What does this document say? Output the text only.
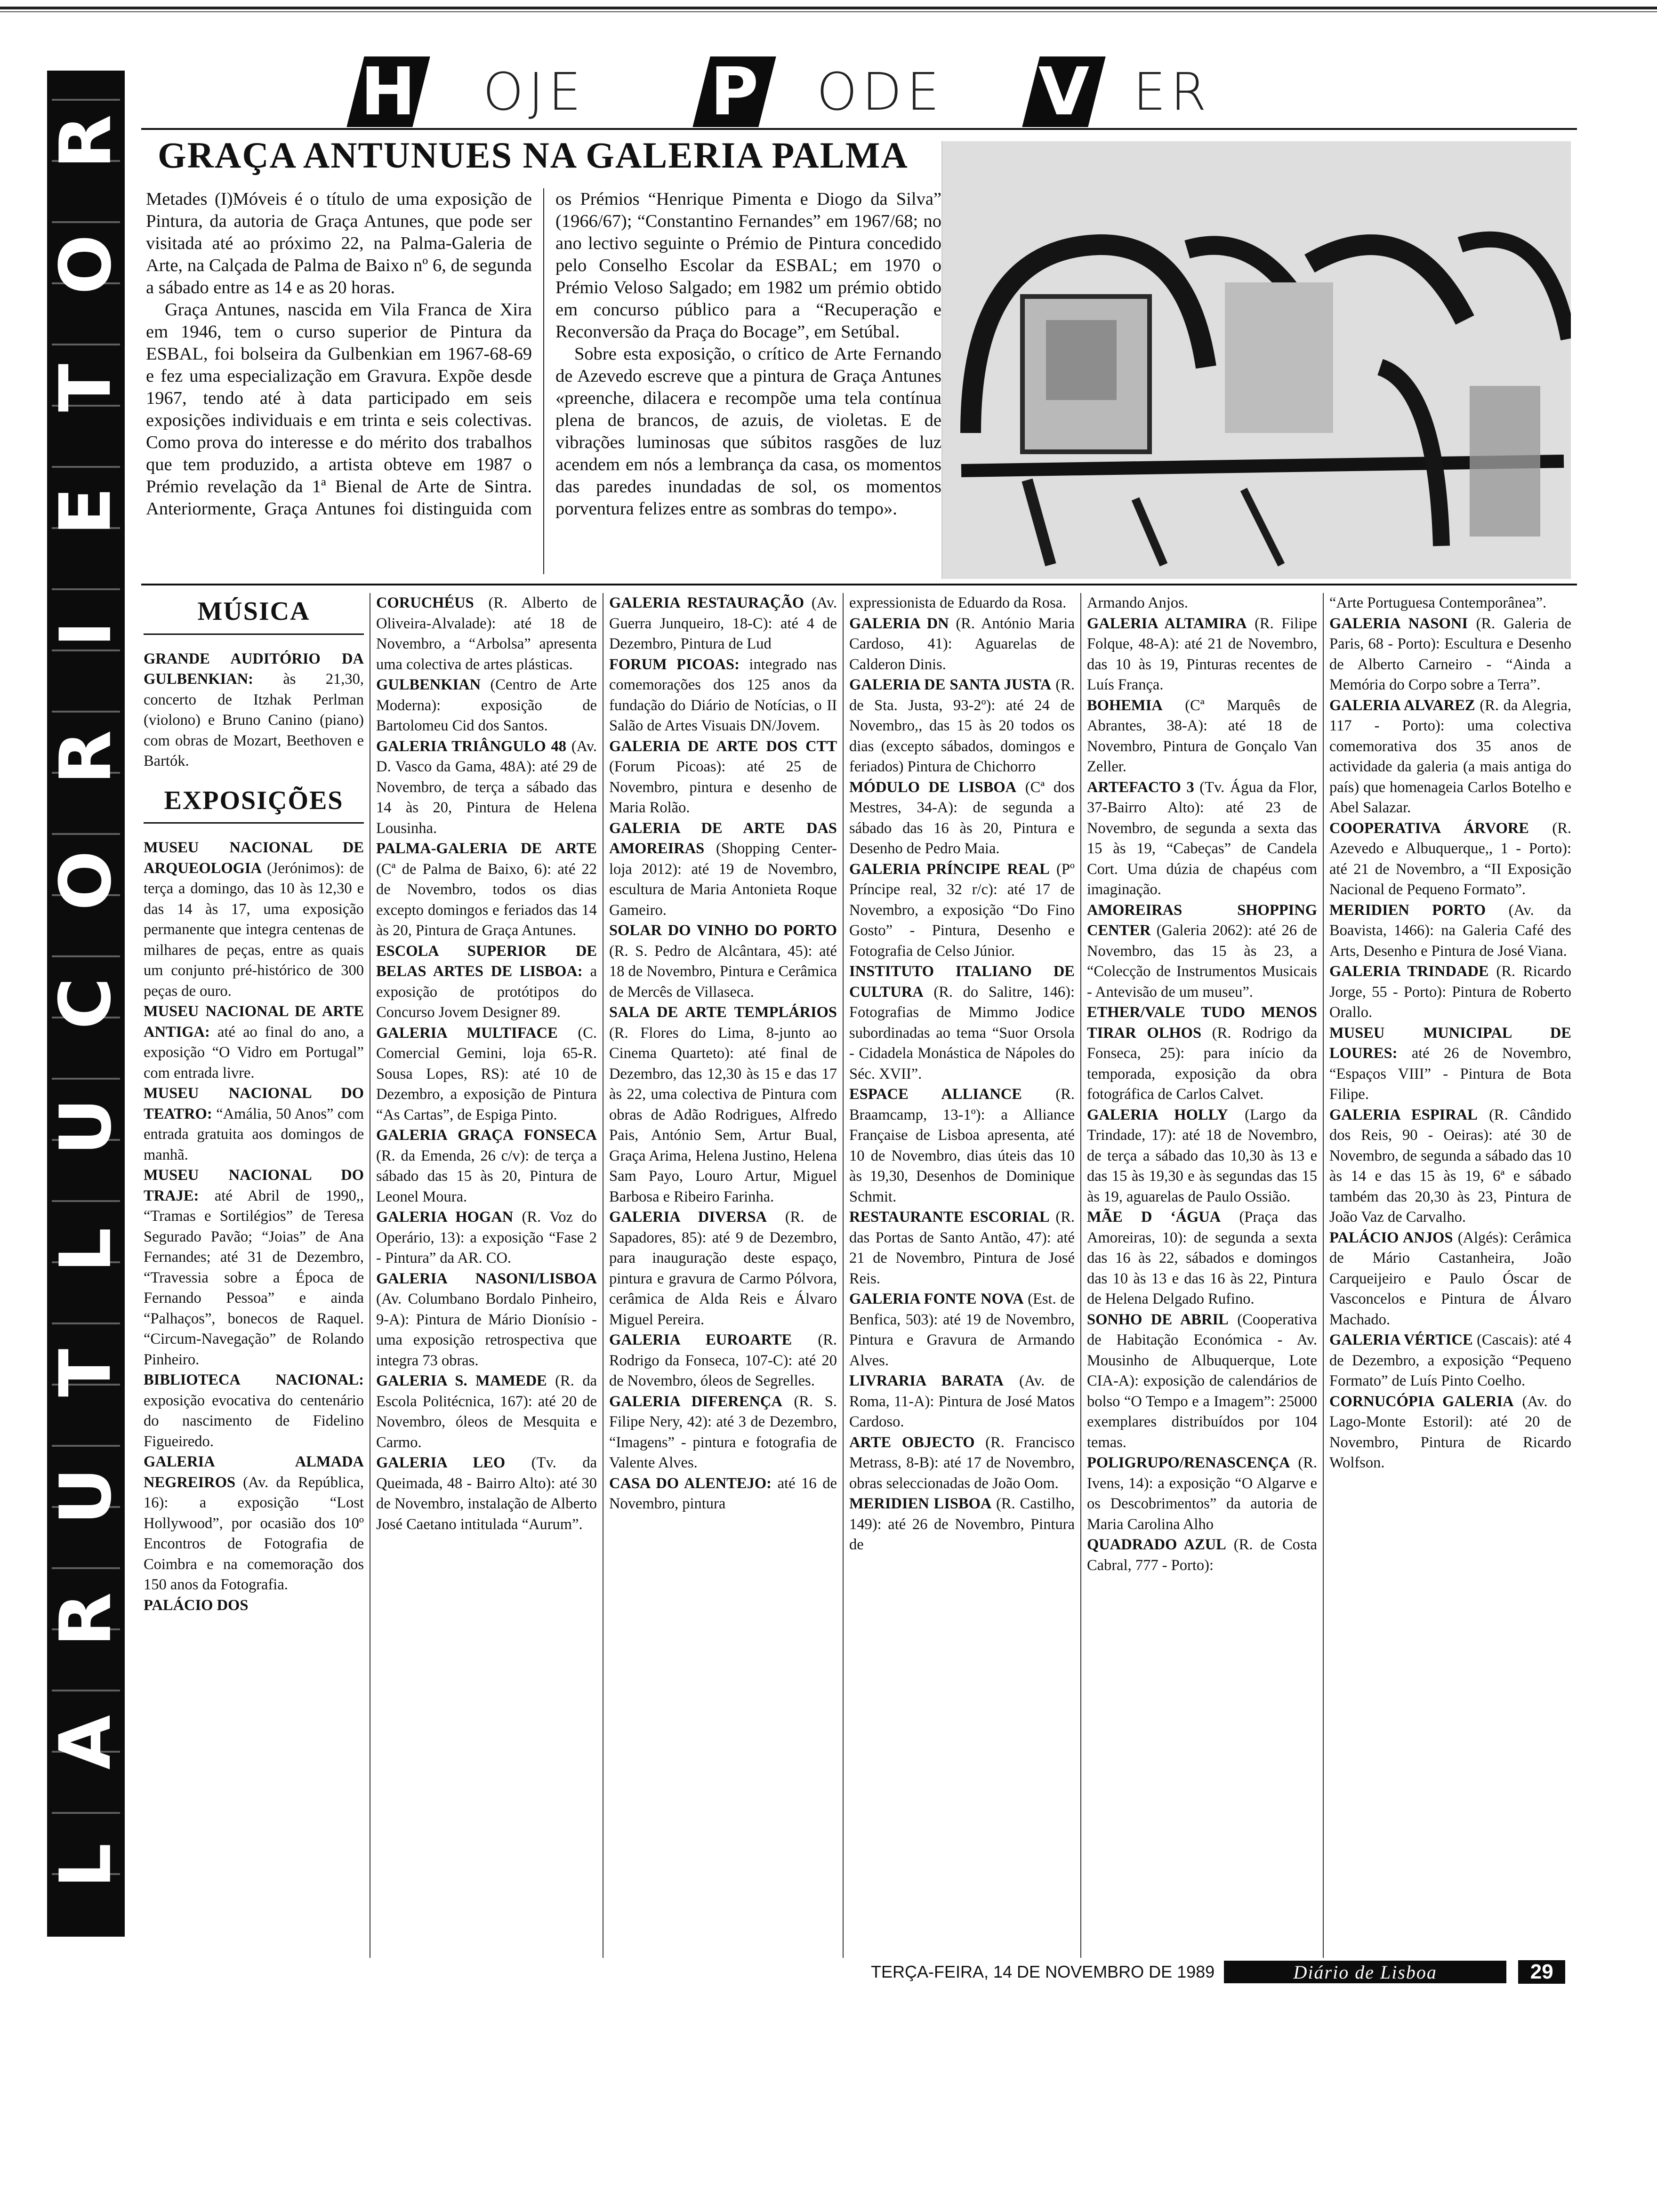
R
O
T
E
I
R
O
C
U
L
T
U
R
A
L
H	OJE	P	ODE	V ER
GRAÇA ANTUNUES NA GALERIA PALMA

Metades (I)Móveis é o título de uma exposição de Pintura, da autoria de Graça Antunes, que pode ser visitada até ao próximo 22, na Palma-Galeria de Arte, na Calçada de Palma de Baixo nº 6, de segunda a sábado entre as 14 e as 20 horas.

Graça Antunes, nascida em Vila Franca de Xira em 1946, tem o curso superior de Pintura da ESBAL, foi bolseira da Gulbenkian em 1967-68-69 e fez uma especialização em Gravura. Expõe desde 1967, tendo até à data participado em seis exposições individuais e em trinta e seis colectivas. Como prova do interesse e do mérito dos trabalhos que tem produzido, a artista obteve em 1987 o Prémio revelação da 1ª Bienal de Arte de Sintra. Anteriormente, Graça Antunes foi distinguida com os Prémios “Henrique Pimenta e Diogo da Silva” (1966/67); “Constantino Fernandes” em 1967/68; no ano lectivo seguinte o Prémio de Pintura concedido pelo Conselho Escolar da ESBAL; em 1970 o Prémio Veloso Salgado; em 1982 um prémio obtido em concurso público para a “Recuperação e Reconversão da Praça do Bocage”, em Setúbal.

Sobre esta exposição, o crítico de Arte Fernando de Azevedo escreve que a pintura de Graça Antunes «preenche, dilacera e recompõe uma tela contínua plena de brancos, de azuis, de violetas. E de vibrações luminosas que súbitos rasgões de luz acendem em nós a lembrança da casa, os momentos das paredes inundadas de sol, os momentos porventura felizes entre as sombras do tempo».

MÚSICA

GRANDE AUDITÓRIO DA GULBENKIAN: às 21,30, concerto de Itzhak Perlman (violono) e Bruno Canino (piano) com obras de Mozart, Beethoven e Bartók.

EXPOSIÇÕES

MUSEU NACIONAL DE ARQUEOLOGIA (Jerónimos): de terça a domingo, das 10 às 12,30 e das 14 às 17, uma exposição permanente que integra centenas de milhares de peças, entre as quais um conjunto pré-histórico de 300 peças de ouro.

MUSEU NACIONAL DE ARTE ANTIGA: até ao final do ano, a exposição “O Vidro em Portugal” com entrada livre.

MUSEU NACIONAL DO TEATRO: “Amália, 50 Anos” com entrada gratuita aos domingos de manhã.

MUSEU NACIONAL DO TRAJE: até Abril de 1990,, “Tramas e Sortilégios” de Teresa Segurado Pavão; “Joias” de Ana Fernandes; até 31 de Dezembro, “Travessia sobre a Época de Fernando Pessoa” e ainda “Palhaços”, bonecos de Raquel. “Circum-Navegação” de Rolando Pinheiro.

BIBLIOTECA NACIONAL: exposição evocativa do centenário do nascimento de Fidelino Figueiredo.

GALERIA ALMADA NEGREIROS (Av. da República, 16): a exposição “Lost Hollywood”, por ocasião dos 10º Encontros de Fotografia de Coimbra e na comemoração dos 150 anos da Fotografia.

PALÁCIO DOS

CORUCHÉUS (R. Alberto de Oliveira-Alvalade): até 18 de Novembro, a “Arbolsa” apresenta uma colectiva de artes plásticas.

GULBENKIAN (Centro de Arte Moderna): exposição de Bartolomeu Cid dos Santos.

GALERIA TRIÂNGULO 48 (Av. D. Vasco da Gama, 48A): até 29 de Novembro, de terça a sábado das 14 às 20, Pintura de Helena Lousinha.

PALMA-GALERIA DE ARTE (Cª de Palma de Baixo, 6): até 22 de Novembro, todos os dias excepto domingos e feriados das 14 às 20, Pintura de Graça Antunes.

ESCOLA SUPERIOR DE BELAS ARTES DE LISBOA: a exposição de protótipos do Concurso Jovem Designer 89.

GALERIA MULTIFACE (C. Comercial Gemini, loja 65-R. Sousa Lopes, RS): até 10 de Dezembro, a exposição de Pintura “As Cartas”, de Espiga Pinto.

GALERIA GRAÇA FONSECA (R. da Emenda, 26 c/v): de terça a sábado das 15 às 20, Pintura de Leonel Moura.

GALERIA HOGAN (R. Voz do Operário, 13): a exposição “Fase 2 - Pintura” da AR. CO.

GALERIA NASONI/LISBOA (Av. Columbano Bordalo Pinheiro, 9-A): Pintura de Mário Dionísio - uma exposição retrospectiva que integra 73 obras.

GALERIA S. MAMEDE (R. da Escola Politécnica, 167): até 20 de Novembro, óleos de Mesquita e Carmo.

GALERIA LEO (Tv. da Queimada, 48 - Bairro Alto): até 30 de Novembro, instalação de Alberto José Caetano intitulada “Aurum”.

GALERIA RESTAURAÇÃO (Av. Guerra Junqueiro, 18-C): até 4 de Dezembro, Pintura de Lud

FORUM PICOAS: integrado nas comemorações dos 125 anos da fundação do Diário de Notícias, o II Salão de Artes Visuais DN/Jovem.

GALERIA DE ARTE DOS CTT (Forum Picoas): até 25 de Novembro, pintura e desenho de Maria Rolão.

GALERIA DE ARTE DAS AMOREIRAS (Shopping Center-loja 2012): até 19 de Novembro, escultura de Maria Antonieta Roque Gameiro.

SOLAR DO VINHO DO PORTO (R. S. Pedro de Alcântara, 45): até 18 de Novembro, Pintura e Cerâmica de Mercês de Villaseca.

SALA DE ARTE TEMPLÁRIOS (R. Flores do Lima, 8-junto ao Cinema Quarteto): até final de Dezembro, das 12,30 às 15 e das 17 às 22, uma colectiva de Pintura com obras de Adão Rodrigues, Alfredo Pais, António Sem, Artur Bual, Graça Arima, Helena Justino, Helena Sam Payo, Louro Artur, Miguel Barbosa e Ribeiro Farinha.

GALERIA DIVERSA (R. de Sapadores, 85): até 9 de Dezembro, para inauguração deste espaço, pintura e gravura de Carmo Pólvora, cerâmica de Alda Reis e Álvaro Miguel Pereira.

GALERIA EUROARTE (R. Rodrigo da Fonseca, 107-C): até 20 de Novembro, óleos de Segrelles.

GALERIA DIFERENÇA (R. S. Filipe Nery, 42): até 3 de Dezembro, “Imagens” - pintura e fotografia de Valente Alves.

CASA DO ALENTEJO: até 16 de Novembro, pintura

expressionista de Eduardo da Rosa.

GALERIA DN (R. António Maria Cardoso, 41): Aguarelas de Calderon Dinis.

GALERIA DE SANTA JUSTA (R. de Sta. Justa, 93-2º): até 24 de Novembro,, das 15 às 20 todos os dias (excepto sábados, domingos e feriados) Pintura de Chichorro

MÓDULO DE LISBOA (Cª dos Mestres, 34-A): de segunda a sábado das 16 às 20, Pintura e Desenho de Pedro Maia.

GALERIA PRÍNCIPE REAL (Pº Príncipe real, 32 r/c): até 17 de Novembro, a exposição “Do Fino Gosto” - Pintura, Desenho e Fotografia de Celso Júnior.

INSTITUTO ITALIANO DE CULTURA (R. do Salitre, 146): Fotografias de Mimmo Jodice subordinadas ao tema “Suor Orsola - Cidadela Monástica de Nápoles do Séc. XVII”.

ESPACE ALLIANCE (R. Braamcamp, 13-1º): a Alliance Française de Lisboa apresenta, até 10 de Novembro, dias úteis das 10 às 19,30, Desenhos de Dominique Schmit.

RESTAURANTE ESCORIAL (R. das Portas de Santo Antão, 47): até 21 de Novembro, Pintura de José Reis.

GALERIA FONTE NOVA (Est. de Benfica, 503): até 19 de Novembro, Pintura e Gravura de Armando Alves.

LIVRARIA BARATA (Av. de Roma, 11-A): Pintura de José Matos Cardoso.

ARTE OBJECTO (R. Francisco Metrass, 8-B): até 17 de Novembro, obras seleccionadas de João Oom.

MERIDIEN LISBOA (R. Castilho, 149): até 26 de Novembro, Pintura de

Armando Anjos.

GALERIA ALTAMIRA (R. Filipe Folque, 48-A): até 21 de Novembro, das 10 às 19, Pinturas recentes de Luís França.

BOHEMIA (Cª Marquês de Abrantes, 38-A): até 18 de Novembro, Pintura de Gonçalo Van Zeller.

ARTEFACTO 3 (Tv. Água da Flor, 37-Bairro Alto): até 23 de Novembro, de segunda a sexta das 15 às 19, “Cabeças” de Candela Cort. Uma dúzia de chapéus com imaginação.

AMOREIRAS SHOPPING CENTER (Galeria 2062): até 26 de Novembro, das 15 às 23, a “Colecção de Instrumentos Musicais - Antevisão de um museu”.

ETHER/VALE TUDO MENOS TIRAR OLHOS (R. Rodrigo da Fonseca, 25): para início da temporada, exposição da obra fotográfica de Carlos Calvet.

GALERIA HOLLY (Largo da Trindade, 17): até 18 de Novembro, de terça a sábado das 10,30 às 13 e das 15 às 19,30 e às segundas das 15 às 19, aguarelas de Paulo Ossião.

MÃE D ‘ÁGUA (Praça das Amoreiras, 10): de segunda a sexta das 16 às 22, sábados e domingos das 10 às 13 e das 16 às 22, Pintura de Helena Delgado Rufino.

SONHO DE ABRIL (Cooperativa de Habitação Económica - Av. Mousinho de Albuquerque, Lote CIA-A): exposição de calendários de bolso “O Tempo e a Imagem”: 25000 exemplares distribuídos por 104 temas.

POLIGRUPO/RENASCENÇA (R. Ivens, 14): a exposição “O Algarve e os Descobrimentos” da autoria de Maria Carolina Alho

QUADRADO AZUL (R. de Costa Cabral, 777 - Porto):

“Arte Portuguesa Contemporânea”.

GALERIA NASONI (R. Galeria de Paris, 68 - Porto): Escultura e Desenho de Alberto Carneiro - “Ainda a Memória do Corpo sobre a Terra”.

GALERIA ALVAREZ (R. da Alegria, 117 - Porto): uma colectiva comemorativa dos 35 anos de actividade da galeria (a mais antiga do país) que homenageia Carlos Botelho e Abel Salazar.

COOPERATIVA ÁRVORE (R. Azevedo e Albuquerque,, 1 - Porto): até 21 de Novembro, a “II Exposição Nacional de Pequeno Formato”.

MERIDIEN PORTO (Av. da Boavista, 1466): na Galeria Café des Arts, Desenho e Pintura de José Viana.

GALERIA TRINDADE (R. Ricardo Jorge, 55 - Porto): Pintura de Roberto Orallo.

MUSEU MUNICIPAL DE LOURES: até 26 de Novembro, “Espaços VIII” - Pintura de Bota Filipe.

GALERIA ESPIRAL (R. Cândido dos Reis, 90 - Oeiras): até 30 de Novembro, de segunda a sábado das 10 às 14 e das 15 às 19, 6ª e sábado também das 20,30 às 23, Pintura de João Vaz de Carvalho.

PALÁCIO ANJOS (Algés): Cerâmica de Mário Castanheira, João Carqueijeiro e Paulo Óscar de Vasconcelos e Pintura de Álvaro Machado.

GALERIA VÉRTICE (Cascais): até 4 de Dezembro, a exposição “Pequeno Formato” de Luís Pinto Coelho.

CORNUCÓPIA GALERIA (Av. do Lago-Monte Estoril): até 20 de Novembro, Pintura de Ricardo Wolfson.

TERÇA-FEIRA, 14 DE NOVEMBRO DE 1989	Diário de Lisboa	29
